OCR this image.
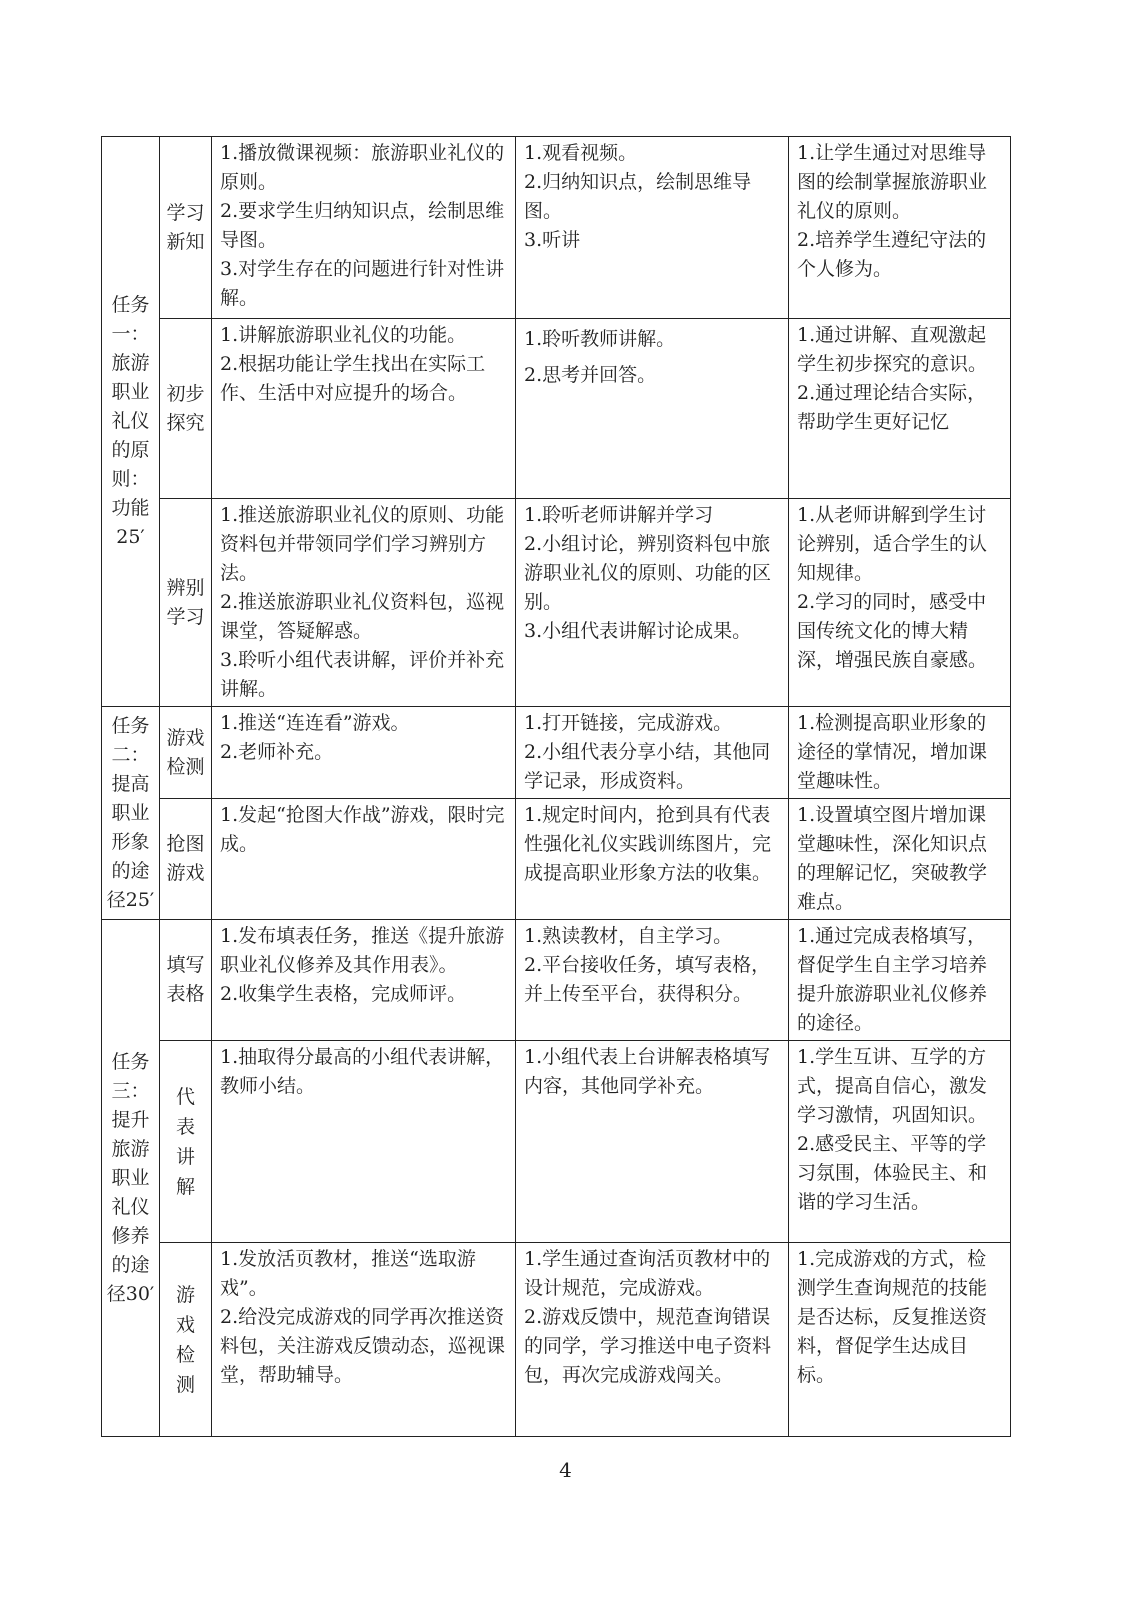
任务一：旅游职业礼仪的原则：功能25′	学习新知	1.播放微课视频：旅游职业礼仪的原则。
2.要求学生归纳知识点，绘制思维导图。
3.对学生存在的问题进行针对性讲解。	1.观看视频。
2.归纳知识点，绘制思维导图。
3.听讲	1.让学生通过对思维导图的绘制掌握旅游职业礼仪的原则。
2.培养学生遵纪守法的个人修为。

	初步探究	1.讲解旅游职业礼仪的功能。
2.根据功能让学生找出在实际工作、生活中对应提升的场合。	1.聆听教师讲解。
2.思考并回答。	1.通过讲解、直观激起学生初步探究的意识。
2.通过理论结合实际，帮助学生更好记忆

	辨别学习	1.推送旅游职业礼仪的原则、功能资料包并带领同学们学习辨别方法。
2.推送旅游职业礼仪资料包，巡视课堂，答疑解惑。
3.聆听小组代表讲解，评价并补充讲解。	1.聆听老师讲解并学习
2.小组讨论，辨别资料包中旅游职业礼仪的原则、功能的区别。
3.小组代表讲解讨论成果。	1.从老师讲解到学生讨论辨别，适合学生的认知规律。
2.学习的同时，感受中国传统文化的博大精深，增强民族自豪感。

任务二：提高职业形象的途径25′	游戏检测	1.推送“连连看”游戏。
2.老师补充。	1.打开链接，完成游戏。
2.小组代表分享小结，其他同学记录，形成资料。	1.检测提高职业形象的途径的掌情况，增加课堂趣味性。

	抢图游戏	1.发起“抢图大作战”游戏，限时完成。	1.规定时间内，抢到具有代表性强化礼仪实践训练图片，完成提高职业形象方法的收集。	1.设置填空图片增加课堂趣味性，深化知识点的理解记忆，突破教学难点。

任务三：提升旅游职业礼仪修养的途径30′	填写表格	1.发布填表任务，推送《提升旅游职业礼仪修养及其作用表》。
2.收集学生表格，完成师评。	1.熟读教材，自主学习。
2.平台接收任务，填写表格，并上传至平台，获得积分。	1.通过完成表格填写，督促学生自主学习培养提升旅游职业礼仪修养的途径。

	代表讲解	1.抽取得分最高的小组代表讲解，教师小结。	1.小组代表上台讲解表格填写内容，其他同学补充。	1.学生互讲、互学的方式，提高自信心，激发学习激情，巩固知识。
2.感受民主、平等的学习氛围，体验民主、和谐的学习生活。

	游戏检测	1.发放活页教材，推送“选取游戏”。
2.给没完成游戏的同学再次推送资料包，关注游戏反馈动态，巡视课堂，帮助辅导。	1.学生通过查询活页教材中的设计规范，完成游戏。
2.游戏反馈中，规范查询错误的同学，学习推送中电子资料包，再次完成游戏闯关。	1.完成游戏的方式，检 测学生查询规范的技能是否达标，反复推送资料，督促学生达成目标。
4
